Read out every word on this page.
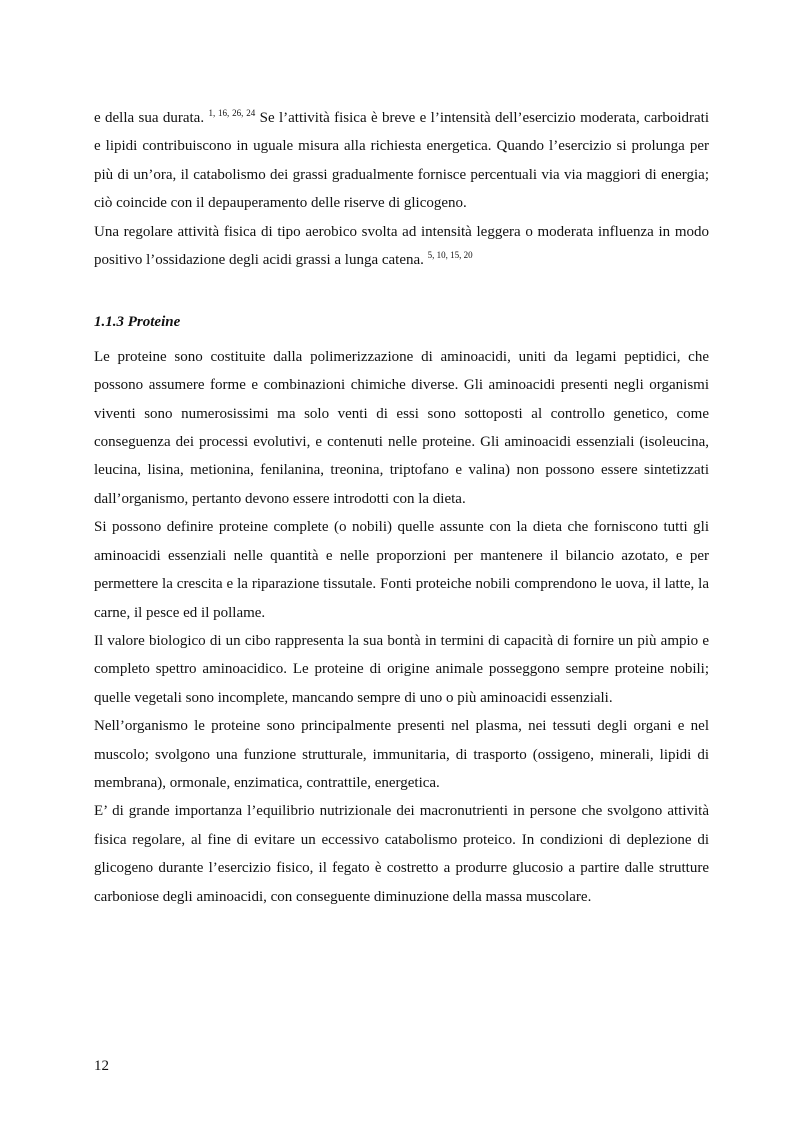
e della sua durata. $^{1, 16, 26, 24}$ Se l’attività fisica è breve e l’intensità dell’esercizio moderata, carboidrati e lipidi contribuiscono in uguale misura alla richiesta energetica. Quando l’esercizio si prolunga per più di un’ora, il catabolismo dei grassi gradualmente fornisce percentuali via via maggiori di energia; ciò coincide con il depauperamento delle riserve di glicogeno.

Una regolare attività fisica di tipo aerobico svolta ad intensità leggera o moderata influenza in modo positivo l’ossidazione degli acidi grassi a lunga catena. $^{5, 10, 15, 20}$

1.1.3 Proteine

Le proteine sono costituite dalla polimerizzazione di aminoacidi, uniti da legami peptidici, che possono assumere forme e combinazioni chimiche diverse. Gli aminoacidi presenti negli organismi viventi sono numerosissimi ma solo venti di essi sono sottoposti al controllo genetico, come conseguenza dei processi evolutivi, e contenuti nelle proteine. Gli aminoacidi essenziali (isoleucina, leucina, lisina, metionina, fenilanina, treonina, triptofano e valina) non possono essere sintetizzati dall’organismo, pertanto devono essere introdotti con la dieta.

Si possono definire proteine complete (o nobili) quelle assunte con la dieta che forniscono tutti gli aminoacidi essenziali nelle quantità e nelle proporzioni per mantenere il bilancio azotato, e per permettere la crescita e la riparazione tissutale. Fonti proteiche nobili comprendono le uova, il latte, la carne, il pesce ed il pollame.

Il valore biologico di un cibo rappresenta la sua bontà in termini di capacità di fornire un più ampio e completo spettro aminoacidico. Le proteine di origine animale posseggono sempre proteine nobili; quelle vegetali sono incomplete, mancando sempre di uno o più aminoacidi essenziali.

Nell’organismo le proteine sono principalmente presenti nel plasma, nei tessuti degli organi e nel muscolo; svolgono una funzione strutturale, immunitaria, di trasporto (ossigeno, minerali, lipidi di membrana), ormonale, enzimatica, contrattile, energetica.

E’ di grande importanza l’equilibrio nutrizionale dei macronutrienti in persone che svolgono attività fisica regolare, al fine di evitare un eccessivo catabolismo proteico. In condizioni di deplezione di glicogeno durante l’esercizio fisico, il fegato è costretto a produrre glucosio a partire dalle strutture carboniose degli aminoacidi, con conseguente diminuzione della massa muscolare.

12
